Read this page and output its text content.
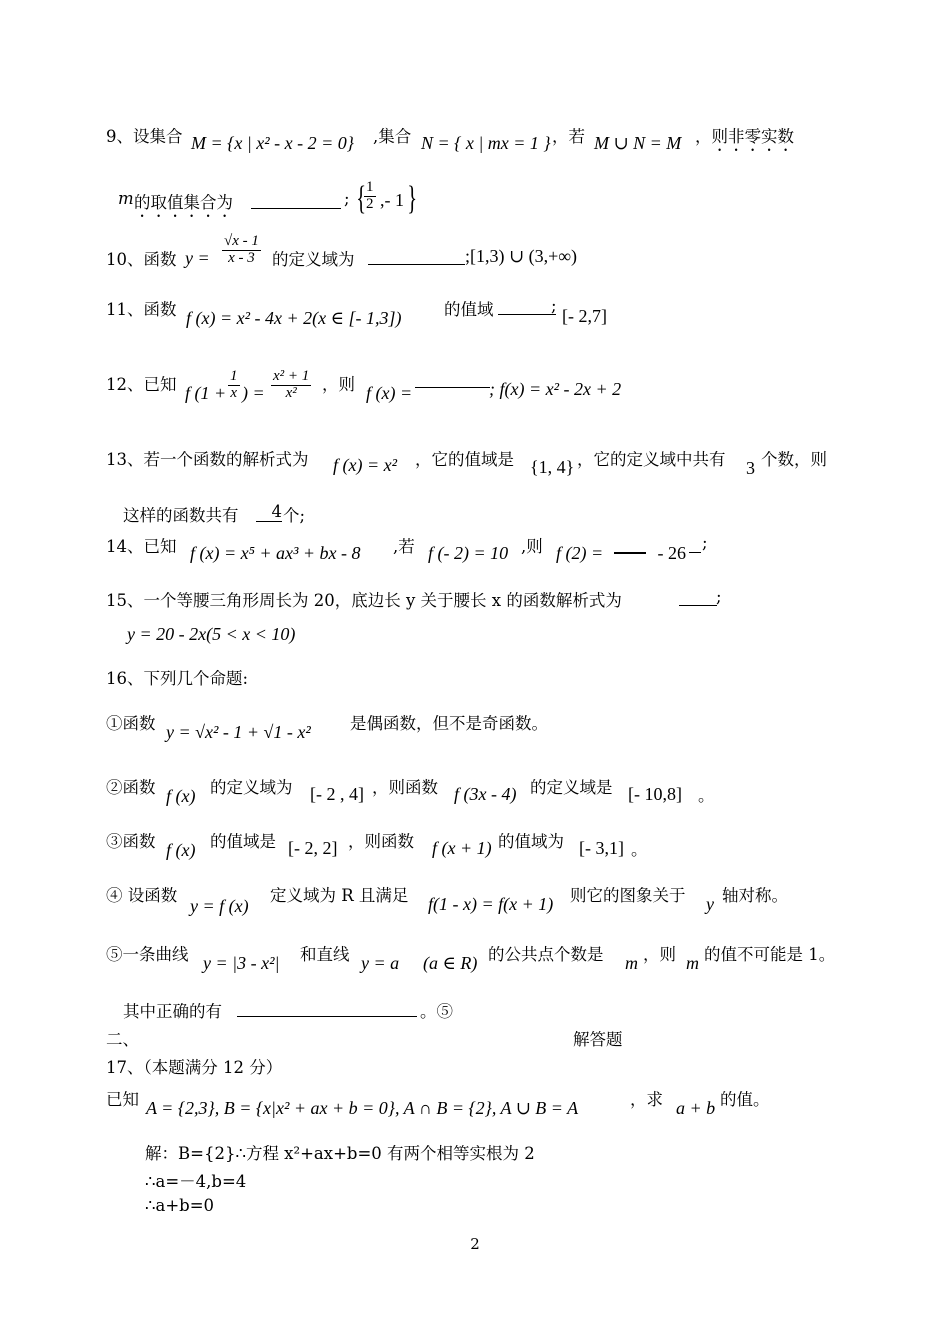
9、设集合 M = {x | x² - x - 2 = 0} ,集合 N = { x | mx = 1 } ，若 M ∪ N = M ，则非零实数
m 的取值集合为	; {
$\frac{1}{2}$ ,- 1 }
10、函数 $y = \frac{√x - 1}{x - 3}$ 的定义域为	;[1,3) ∪ (3,+∞)
11、函数 f (x) = x² - 4x + 2(x ∈ [- 1,3])	的值域	;
[- 2,7]
12、已知 f ($1 + \frac{1}{x}$ ) = $\frac{\text{x² + 1}}{\text{x²}}$ ，则 f (x) =	; f(x) = x² - 2x + 2
13、若一个函数的解析式为 f (x) = x² ，它的值域是 {1, 4} ，它的定义域中共有 3 个数，则
这样的函数共有	4 个;
14、已知 f (x) = x⁵ + ax³ + bx - 8 ,若 f (- 2) = 10 ,则 f (2) =	- 26
;
15、一个等腰三角形周长为 20，底边长 y 关于腰长 x 的函数解析式为	;
y = 20 - 2x(5 < x < 10)
16、下列几个命题:
①函数 y = √x² - 1 + √1 - x² 是偶函数，但不是奇函数。
②函数 f (x) 的定义域为 [- 2 , 4] ，则函数 f (3x - 4) 的定义域是 [- 10,8] 。
③函数 f (x) 的值域是 [- 2, 2] ，则函数 f (x + 1) 的值域为 [- 3,1] 。
④ 设函数
y = f (x)
定义域为 R 且满足 f(1 - x) = f(x + 1) 则它的图象关于 y 轴对称。
⑤一条曲线 y = |3 - x²| 和直线 y = a (a ∈ R) 的公共点个数是 m ，则 m 的值不可能是 1。
其中正确的有	。⑤
二、	解答题
17、（本题满分 12 分）
已知 A = {2,3}, B = {x|x² + ax + b = 0}, A ∩ B = {2}, A ∪ B = A	，求 a + b 的值。
解：B={2}∴方程 x²+ax+b=0 有两个相等实根为 2
∴a=－4,b=4
∴a+b=0
2
